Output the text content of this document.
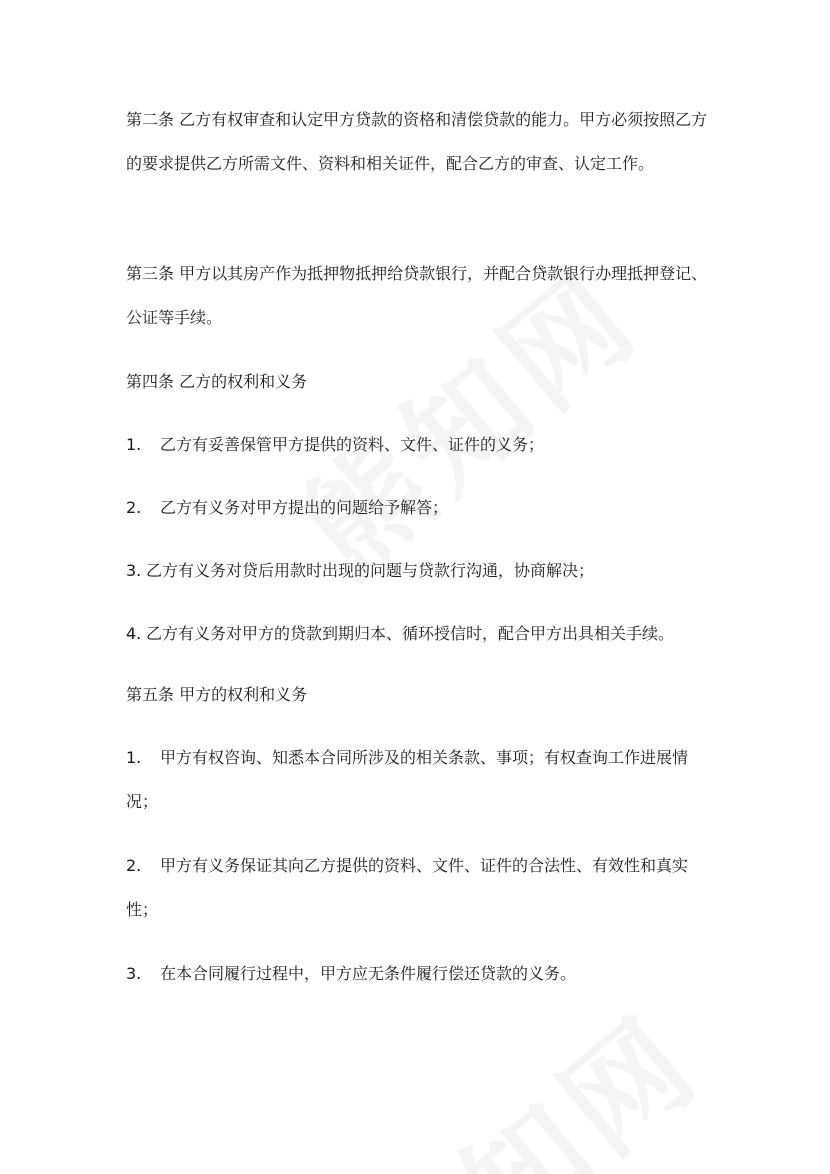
第二条 乙方有权审查和认定甲方贷款的资格和清偿贷款的能力。甲方必须按照乙方的要求提供乙方所需文件、资料和相关证件，配合乙方的审查、认定工作。

第三条 甲方以其房产作为抵押物抵押给贷款银行，并配合贷款银行办理抵押登记、公证等手续。

第四条 乙方的权利和义务

1. 乙方有妥善保管甲方提供的资料、文件、证件的义务；

2. 乙方有义务对甲方提出的问题给予解答；

3. 乙方有义务对贷后用款时出现的问题与贷款行沟通，协商解决；

4. 乙方有义务对甲方的贷款到期归本、循环授信时，配合甲方出具相关手续。

第五条 甲方的权利和义务

1. 甲方有权咨询、知悉本合同所涉及的相关条款、事项；有权查询工作进展情况；

2. 甲方有义务保证其向乙方提供的资料、文件、证件的合法性、有效性和真实性；

3. 在本合同履行过程中，甲方应无条件履行偿还贷款的义务。
